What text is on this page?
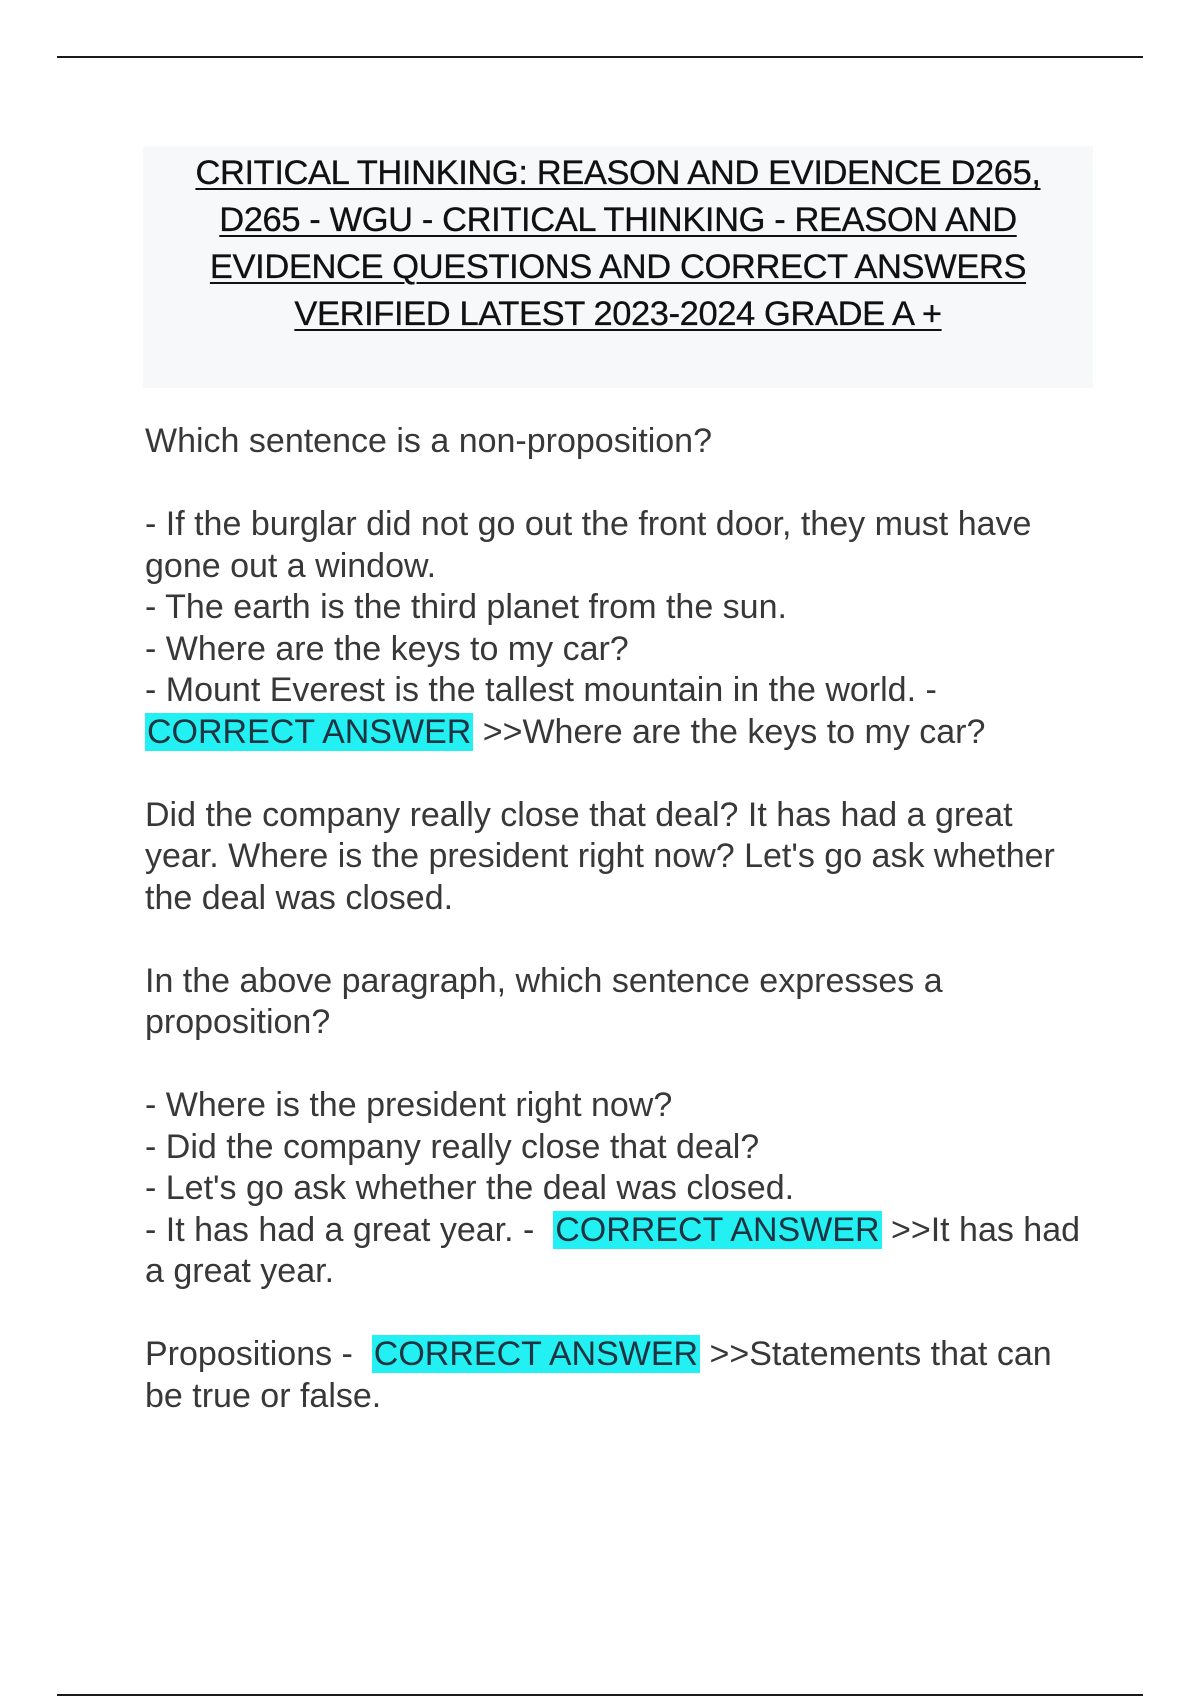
CRITICAL THINKING: REASON AND EVIDENCE D265, D265 - WGU - CRITICAL THINKING - REASON AND EVIDENCE QUESTIONS AND CORRECT ANSWERS VERIFIED LATEST 2023-2024 GRADE A +

Which sentence is a non-proposition?

- If the burglar did not go out the front door, they must have gone out a window.

- The earth is the third planet from the sun.

- Where are the keys to my car?

- Mount Everest is the tallest mountain in the world. -

CORRECT ANSWER >>Where are the keys to my car?

Did the company really close that deal? It has had a great year. Where is the president right now? Let's go ask whether the deal was closed.

In the above paragraph, which sentence expresses a proposition?

- Where is the president right now?

- Did the company really close that deal?

- Let's go ask whether the deal was closed.

- It has had a great year. - CORRECT ANSWER >>It has had a great year.

Propositions - CORRECT ANSWER >>Statements that can be true or false.
